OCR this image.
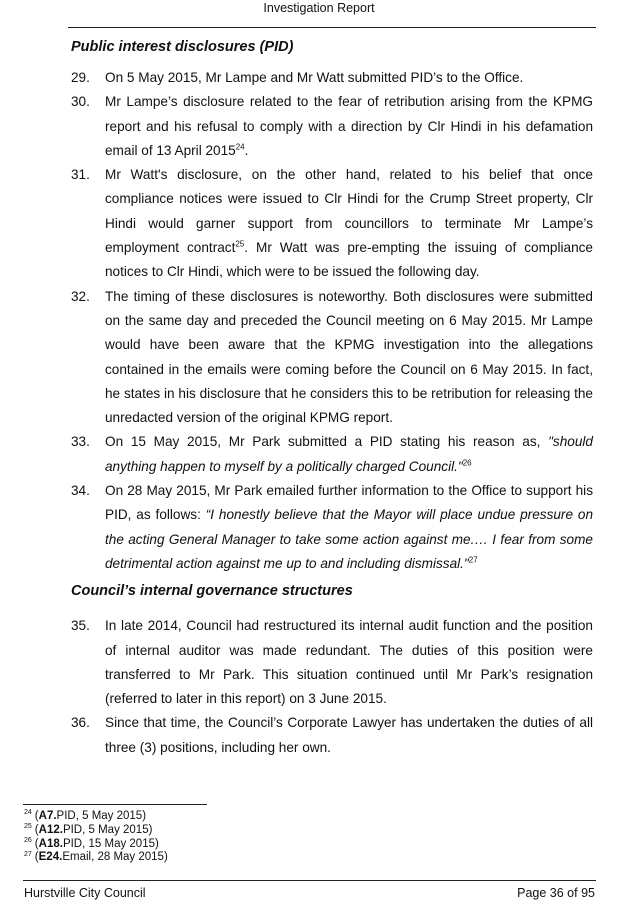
Investigation Report
Public interest disclosures (PID)
29.	On 5 May 2015, Mr Lampe and Mr Watt submitted PID’s to the Office.
30.	Mr Lampe’s disclosure related to the fear of retribution arising from the KPMG report and his refusal to comply with a direction by Clr Hindi in his defamation email of 13 April 2015$^{24}$.
31.	Mr Watt's disclosure, on the other hand, related to his belief that once compliance notices were issued to Clr Hindi for the Crump Street property, Clr Hindi would garner support from councillors to terminate Mr Lampe’s employment contract$^{25}$. Mr Watt was pre-empting the issuing of compliance notices to Clr Hindi, which were to be issued the following day.
32.	The timing of these disclosures is noteworthy. Both disclosures were submitted on the same day and preceded the Council meeting on 6 May 2015. Mr Lampe would have been aware that the KPMG investigation into the allegations contained in the emails were coming before the Council on 6 May 2015. In fact, he states in his disclosure that he considers this to be retribution for releasing the unredacted version of the original KPMG report.
33.	On 15 May 2015, Mr Park submitted a PID stating his reason as, "should anything happen to myself by a politically charged Council."$^{26}$
34.	On 28 May 2015, Mr Park emailed further information to the Office to support his PID, as follows: “I honestly believe that the Mayor will place undue pressure on the acting General Manager to take some action against me.… I fear from some detrimental action against me up to and including dismissal."$^{27}$
Council’s internal governance structures
35.	In late 2014, Council had restructured its internal audit function and the position of internal auditor was made redundant. The duties of this position were transferred to Mr Park. This situation continued until Mr Park’s resignation (referred to later in this report) on 3 June 2015.
36.	Since that time, the Council’s Corporate Lawyer has undertaken the duties of all three (3) positions, including her own.
$^{24}$ (A7.PID, 5 May 2015)
$^{25}$ (A12.PID, 5 May 2015)
$^{26}$ (A18.PID, 15 May 2015)
$^{27}$ (E24.Email, 28 May 2015)
Hurstville City Council	Page 36 of 95
